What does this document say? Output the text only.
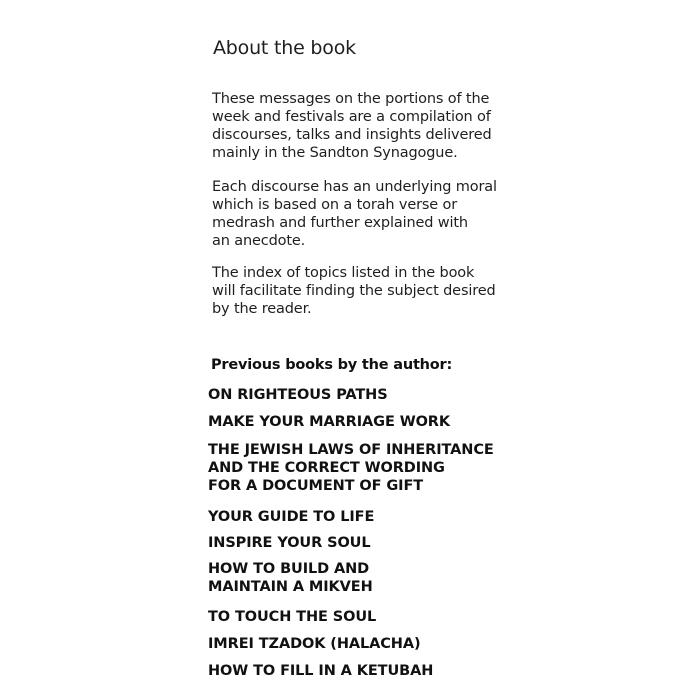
About the book

These messages on the portions of the
week and festivals are a compilation of
discourses, talks and insights delivered
mainly in the Sandton Synagogue.

Each discourse has an underlying moral
which is based on a torah verse or
medrash and further explained with
an anecdote.

The index of topics listed in the book
will facilitate finding the subject desired
by the reader.

Previous books by the author:

ON RIGHTEOUS PATHS

MAKE YOUR MARRIAGE WORK

THE JEWISH LAWS OF INHERITANCE
AND THE CORRECT WORDING
FOR A DOCUMENT OF GIFT

YOUR GUIDE TO LIFE

INSPIRE YOUR SOUL

HOW TO BUILD AND
MAINTAIN A MIKVEH

TO TOUCH THE SOUL

IMREI TZADOK (HALACHA)

HOW TO FILL IN A KETUBAH
